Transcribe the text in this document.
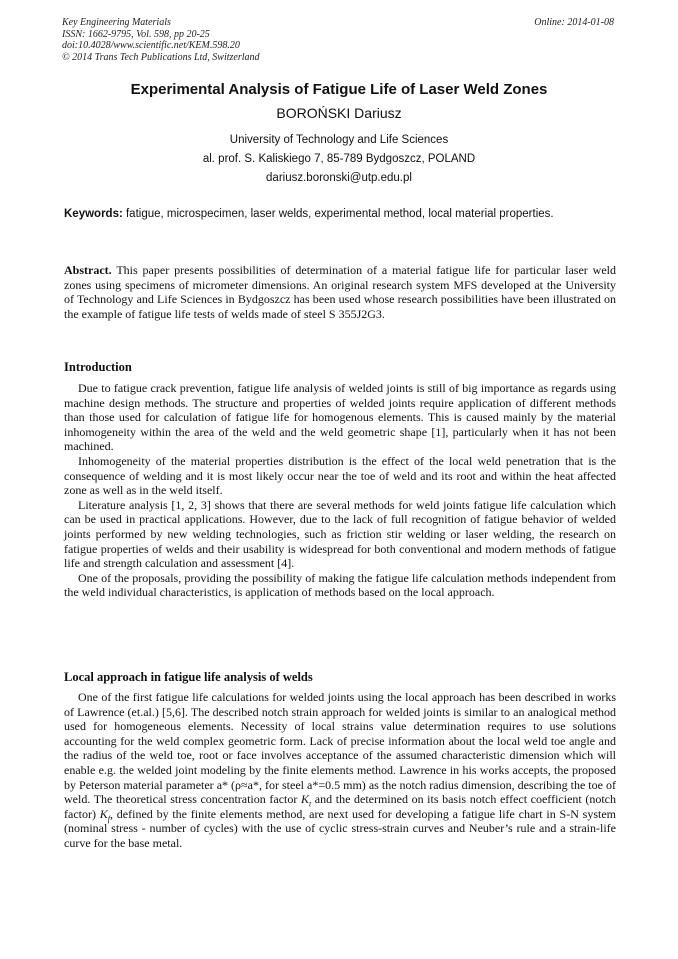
Key Engineering Materials
ISSN: 1662-9795, Vol. 598, pp 20-25
doi:10.4028/www.scientific.net/KEM.598.20
© 2014 Trans Tech Publications Ltd, Switzerland
Online: 2014-01-08
Experimental Analysis of Fatigue Life of Laser Weld Zones
BOROŃSKI Dariusz
University of Technology and Life Sciences
al. prof. S. Kaliskiego 7, 85-789 Bydgoszcz, POLAND
dariusz.boronski@utp.edu.pl
Keywords: fatigue, microspecimen, laser welds, experimental method, local material properties.
Abstract. This paper presents possibilities of determination of a material fatigue life for particular laser weld zones using specimens of micrometer dimensions. An original research system MFS developed at the University of Technology and Life Sciences in Bydgoszcz has been used whose research possibilities have been illustrated on the example of fatigue life tests of welds made of steel S 355J2G3.
Introduction

Due to fatigue crack prevention, fatigue life analysis of welded joints is still of big importance as regards using machine design methods. The structure and properties of welded joints require application of different methods than those used for calculation of fatigue life for homogenous elements. This is caused mainly by the material inhomogeneity within the area of the weld and the weld geometric shape [1], particularly when it has not been machined.

Inhomogeneity of the material properties distribution is the effect of the local weld penetration that is the consequence of welding and it is most likely occur near the toe of weld and its root and within the heat affected zone as well as in the weld itself.

Literature analysis [1, 2, 3] shows that there are several methods for weld joints fatigue life calculation which can be used in practical applications. However, due to the lack of full recognition of fatigue behavior of welded joints performed by new welding technologies, such as friction stir welding or laser welding, the research on fatigue properties of welds and their usability is widespread for both conventional and modern methods of fatigue life and strength calculation and assessment [4].

One of the proposals, providing the possibility of making the fatigue life calculation methods independent from the weld individual characteristics, is application of methods based on the local approach.

Local approach in fatigue life analysis of welds

One of the first fatigue life calculations for welded joints using the local approach has been described in works of Lawrence (et.al.) [5,6]. The described notch strain approach for welded joints is similar to an analogical method used for homogeneous elements. Necessity of local strains value determination requires to use solutions accounting for the weld complex geometric form. Lack of precise information about the local weld toe angle and the radius of the weld toe, root or face involves acceptance of the assumed characteristic dimension which will enable e.g. the welded joint modeling by the finite elements method. Lawrence in his works accepts, the proposed by Peterson material parameter a* (ρ≈a*, for steel a*=0.5 mm) as the notch radius dimension, describing the toe of weld. The theoretical stress concentration factor $K_t$ and the determined on its basis notch effect coefficient (notch factor) $K_f$, defined by the finite elements method, are next used for developing a fatigue life chart in S-N system (nominal stress - number of cycles) with the use of cyclic stress-strain curves and Neuber’s rule and a strain-life curve for the base metal.
